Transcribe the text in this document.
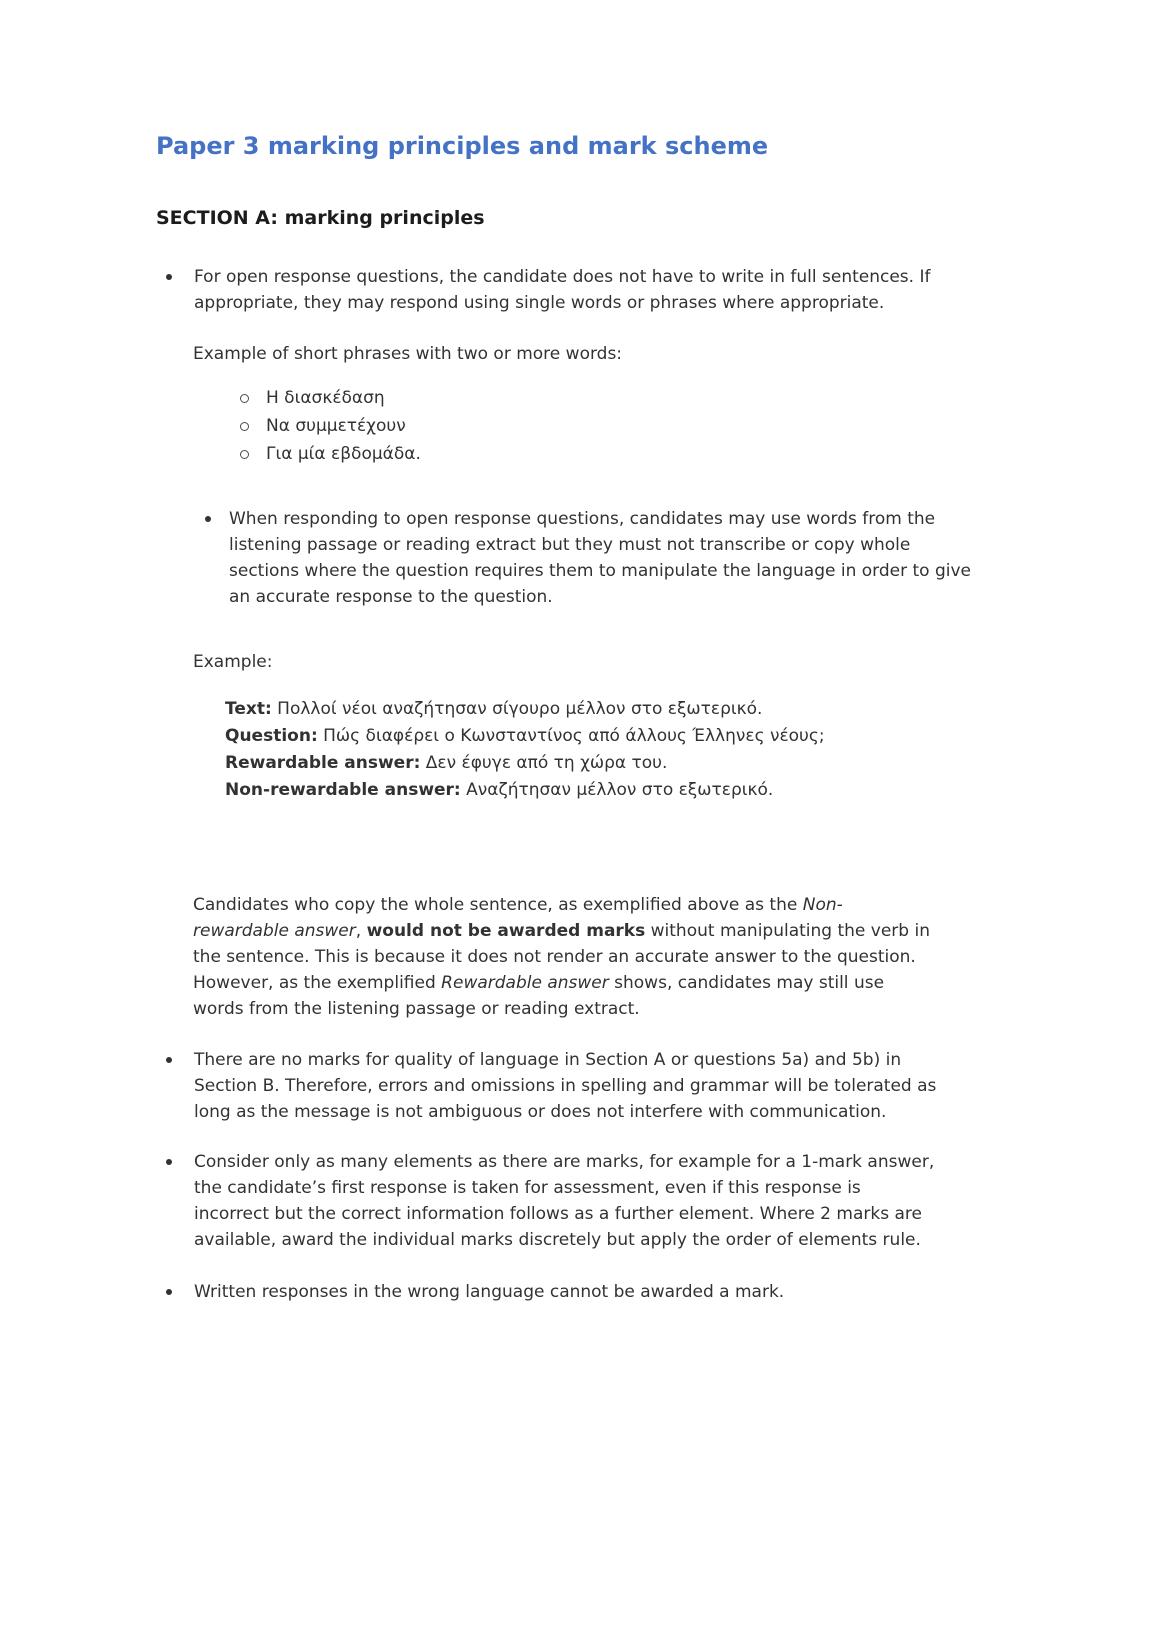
Paper 3 marking principles and mark scheme
SECTION A: marking principles
For open response questions, the candidate does not have to write in full sentences. If appropriate, they may respond using single words or phrases where appropriate.
Example of short phrases with two or more words:
Η διασκέδαση
Να συμμετέχουν
Για μία εβδομάδα.
When responding to open response questions, candidates may use words from the listening passage or reading extract but they must not transcribe or copy whole sections where the question requires them to manipulate the language in order to give an accurate response to the question.
Example:
Text: Πολλοί νέοι αναζήτησαν σίγουρο μέλλον στο εξωτερικό.
Question: Πώς διαφέρει ο Κωνσταντίνος από άλλους Έλληνες νέους;
Rewardable answer: Δεν έφυγε από τη χώρα του.
Non-rewardable answer: Αναζήτησαν μέλλον στο εξωτερικό.
Candidates who copy the whole sentence, as exemplified above as the Non-rewardable answer, would not be awarded marks without manipulating the verb in the sentence. This is because it does not render an accurate answer to the question. However, as the exemplified Rewardable answer shows, candidates may still use words from the listening passage or reading extract.
There are no marks for quality of language in Section A or questions 5a) and 5b) in Section B. Therefore, errors and omissions in spelling and grammar will be tolerated as long as the message is not ambiguous or does not interfere with communication.
Consider only as many elements as there are marks, for example for a 1-mark answer, the candidate’s first response is taken for assessment, even if this response is incorrect but the correct information follows as a further element. Where 2 marks are available, award the individual marks discretely but apply the order of elements rule.
Written responses in the wrong language cannot be awarded a mark.
